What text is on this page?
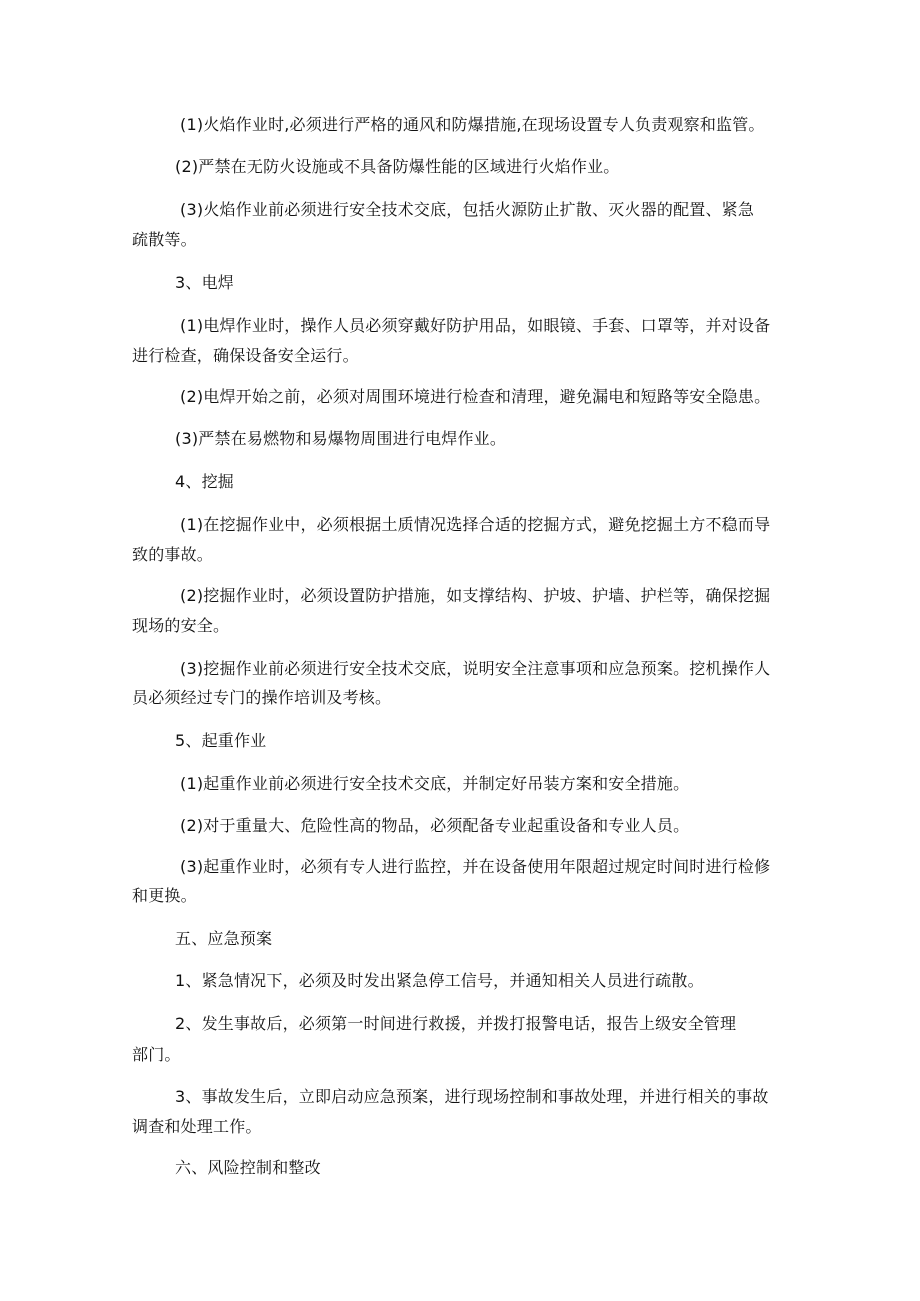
(1)火焰作业时,必须进行严格的通风和防爆措施,在现场设置专人负责观察和监管。
(2)严禁在无防火设施或不具备防爆性能的区域进行火焰作业。
(3)火焰作业前必须进行安全技术交底，包括火源防止扩散、灭火器的配置、紧急
疏散等。
3、电焊
(1)电焊作业时，操作人员必须穿戴好防护用品，如眼镜、手套、口罩等，并对设备
进行检查，确保设备安全运行。
(2)电焊开始之前，必须对周围环境进行检查和清理，避免漏电和短路等安全隐患。
(3)严禁在易燃物和易爆物周围进行电焊作业。
4、挖掘
(1)在挖掘作业中，必须根据土质情况选择合适的挖掘方式，避免挖掘土方不稳而导
致的事故。
(2)挖掘作业时，必须设置防护措施，如支撑结构、护坡、护墙、护栏等，确保挖掘
现场的安全。
(3)挖掘作业前必须进行安全技术交底，说明安全注意事项和应急预案。挖机操作人
员必须经过专门的操作培训及考核。
5、起重作业
(1)起重作业前必须进行安全技术交底，并制定好吊装方案和安全措施。
(2)对于重量大、危险性高的物品，必须配备专业起重设备和专业人员。
(3)起重作业时，必须有专人进行监控，并在设备使用年限超过规定时间时进行检修
和更换。
五、应急预案
1、紧急情况下，必须及时发出紧急停工信号，并通知相关人员进行疏散。
2、发生事故后，必须第一时间进行救援，并拨打报警电话，报告上级安全管理
部门。
3、事故发生后，立即启动应急预案，进行现场控制和事故处理，并进行相关的事故
调查和处理工作。
六、风险控制和整改
